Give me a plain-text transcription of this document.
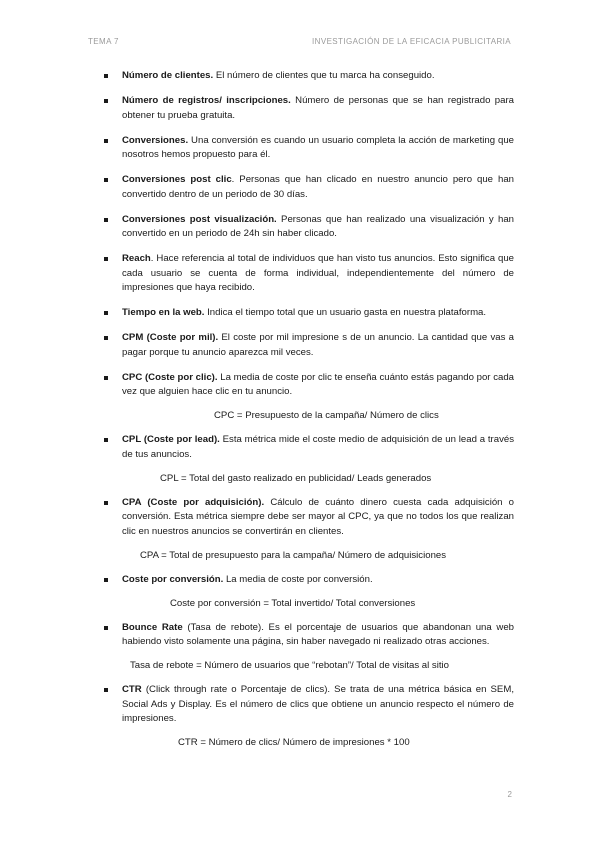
TEMA 7	INVESTIGACIÓN DE LA EFICACIA PUBLICITARIA
Número de clientes. El número de clientes que tu marca ha conseguido.
Número de registros/ inscripciones. Número de personas que se han registrado para obtener tu prueba gratuita.
Conversiones. Una conversión es cuando un usuario completa la acción de marketing que nosotros hemos propuesto para él.
Conversiones post clic. Personas que han clicado en nuestro anuncio pero que han convertido dentro de un periodo de 30 días.
Conversiones post visualización. Personas que han realizado una visualización y han convertido en un periodo de 24h sin haber clicado.
Reach. Hace referencia al total de individuos que han visto tus anuncios. Esto significa que cada usuario se cuenta de forma individual, independientemente del número de impresiones que haya recibido.
Tiempo en la web. Indica el tiempo total que un usuario gasta en nuestra plataforma.
CPM (Coste por mil). El coste por mil impresione s de un anuncio. La cantidad que vas a pagar porque tu anuncio aparezca mil veces.
CPC (Coste por clic). La media de coste por clic te enseña cuánto estás pagando por cada vez que alguien hace clic en tu anuncio.
CPC = Presupuesto de la campaña/ Número de clics
CPL (Coste por lead). Esta métrica mide el coste medio de adquisición de un lead a través de tus anuncios.
CPL = Total del gasto realizado en publicidad/ Leads generados
CPA (Coste por adquisición). Cálculo de cuánto dinero cuesta cada adquisición o conversión. Esta métrica siempre debe ser mayor al CPC, ya que no todos los que realizan clic en nuestros anuncios se convertirán en clientes.
CPA = Total de presupuesto para la campaña/ Número de adquisiciones
Coste por conversión. La media de coste por conversión.
Coste por conversión = Total invertido/ Total conversiones
Bounce Rate (Tasa de rebote). Es el porcentaje de usuarios que abandonan una web habiendo visto solamente una página, sin haber navegado ni realizado otras acciones.
Tasa de rebote = Número de usuarios que “rebotan”/ Total de visitas al sitio
CTR (Click through rate o Porcentaje de clics). Se trata de una métrica básica en SEM, Social Ads y Display. Es el número de clics que obtiene un anuncio respecto el número de impresiones.
CTR = Número de clics/ Número de impresiones * 100
2
